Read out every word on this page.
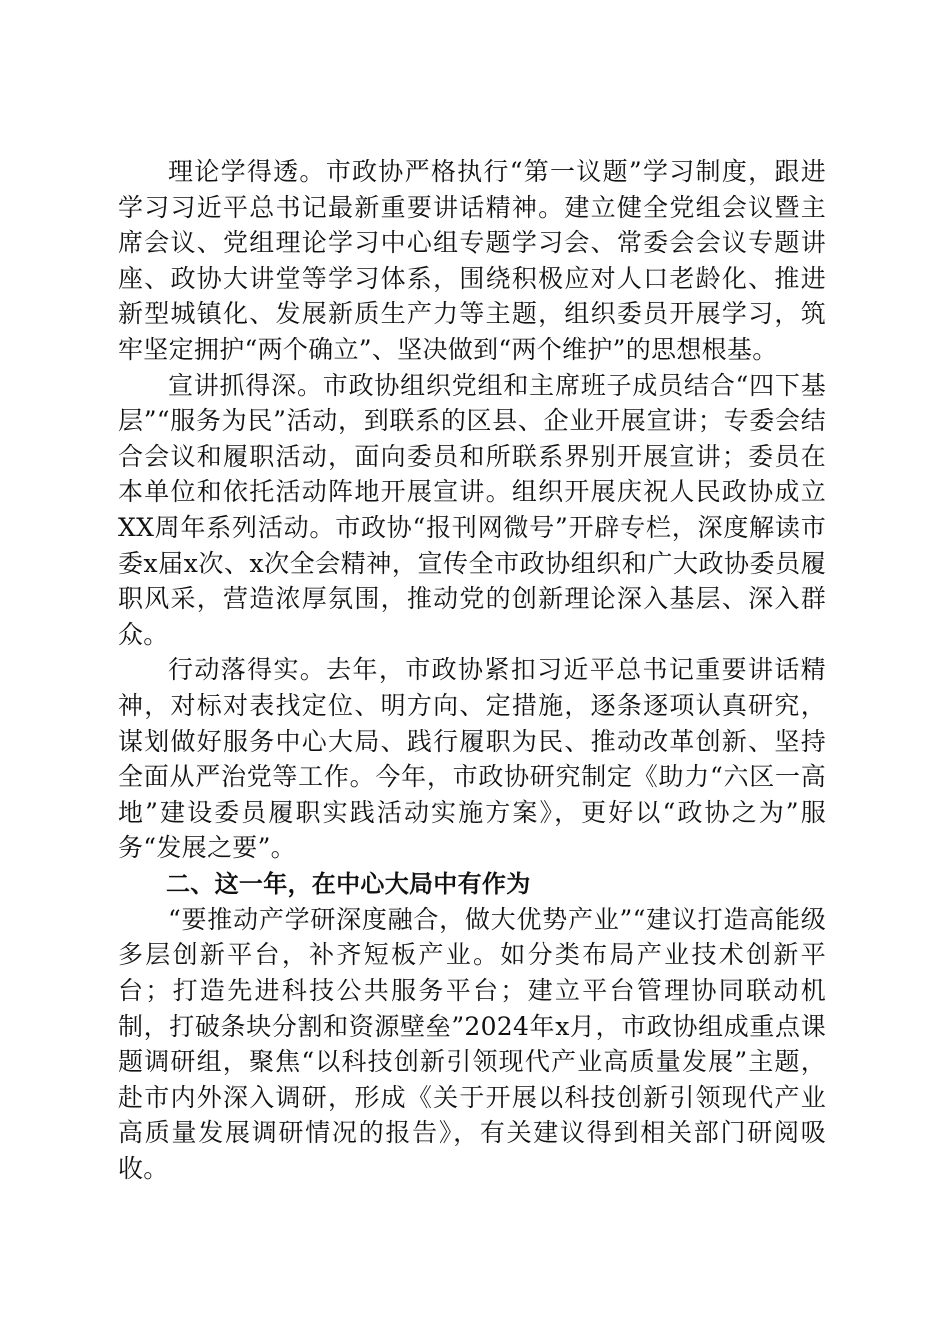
理论学得透。市政协严格执行“第一议题”学习制度，跟进学习习近平总书记最新重要讲话精神。建立健全党组会议暨主席会议、党组理论学习中心组专题学习会、常委会会议专题讲座、政协大讲堂等学习体系，围绕积极应对人口老龄化、推进新型城镇化、发展新质生产力等主题，组织委员开展学习，筑牢坚定拥护“两个确立”、坚决做到“两个维护”的思想根基。

宣讲抓得深。市政协组织党组和主席班子成员结合“四下基层”“服务为民”活动，到联系的区县、企业开展宣讲；专委会结合会议和履职活动，面向委员和所联系界别开展宣讲；委员在本单位和依托活动阵地开展宣讲。组织开展庆祝人民政协成立XX周年系列活动。市政协“报刊网微号”开辟专栏，深度解读市委x届x次、x次全会精神，宣传全市政协组织和广大政协委员履职风采，营造浓厚氛围，推动党的创新理论深入基层、深入群众。

行动落得实。去年，市政协紧扣习近平总书记重要讲话精神，对标对表找定位、明方向、定措施，逐条逐项认真研究，谋划做好服务中心大局、践行履职为民、推动改革创新、坚持全面从严治党等工作。今年，市政协研究制定《助力“六区一高地”建设委员履职实践活动实施方案》，更好以“政协之为”服务“发展之要”。

二、这一年，在中心大局中有作为

“要推动产学研深度融合，做大优势产业”“建议打造高能级多层创新平台，补齐短板产业。如分类布局产业技术创新平台；打造先进科技公共服务平台；建立平台管理协同联动机制，打破条块分割和资源壁垒”2024年x月，市政协组成重点课题调研组，聚焦“以科技创新引领现代产业高质量发展”主题，赴市内外深入调研，形成《关于开展以科技创新引领现代产业高质量发展调研情况的报告》，有关建议得到相关部门研阅吸收。
